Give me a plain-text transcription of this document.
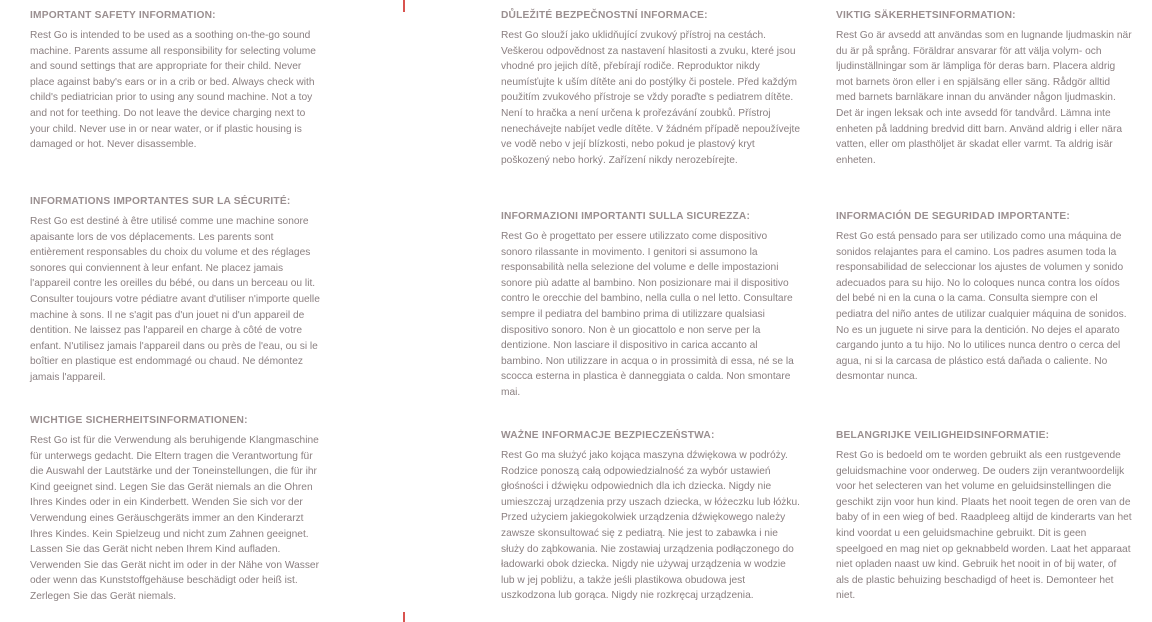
IMPORTANT SAFETY INFORMATION:

Rest Go is intended to be used as a soothing on-the-go sound machine. Parents assume all responsibility for selecting volume and sound settings that are appropriate for their child. Never place against baby's ears or in a crib or bed. Always check with child's pediatrician prior to using any sound machine. Not a toy and not for teething. Do not leave the device charging next to your child. Never use in or near water, or if plastic housing is damaged or hot. Never disassemble.

INFORMATIONS IMPORTANTES SUR LA SÉCURITÉ:

Rest Go est destiné à être utilisé comme une machine sonore apaisante lors de vos déplacements. Les parents sont entièrement responsables du choix du volume et des réglages sonores qui conviennent à leur enfant. Ne placez jamais l'appareil contre les oreilles du bébé, ou dans un berceau ou lit. Consulter toujours votre pédiatre avant d'utiliser n'importe quelle machine à sons. Il ne s'agit pas d'un jouet ni d'un appareil de dentition. Ne laissez pas l'appareil en charge à côté de votre enfant. N'utilisez jamais l'appareil dans ou près de l'eau, ou si le boîtier en plastique est endommagé ou chaud. Ne démontez jamais l'appareil.

WICHTIGE SICHERHEITSINFORMATIONEN:

Rest Go ist für die Verwendung als beruhigende Klangmaschine für unterwegs gedacht. Die Eltern tragen die Verantwortung für die Auswahl der Lautstärke und der Toneinstellungen, die für ihr Kind geeignet sind. Legen Sie das Gerät niemals an die Ohren Ihres Kindes oder in ein Kinderbett. Wenden Sie sich vor der Verwendung eines Geräuschgeräts immer an den Kinderarzt Ihres Kindes. Kein Spielzeug und nicht zum Zahnen geeignet. Lassen Sie das Gerät nicht neben Ihrem Kind aufladen. Verwenden Sie das Gerät nicht im oder in der Nähe von Wasser oder wenn das Kunststoffgehäuse beschädigt oder heiß ist. Zerlegen Sie das Gerät niemals.

DŮLEŽITÉ BEZPEČNOSTNÍ INFORMACE:

Rest Go slouží jako uklidňující zvukový přístroj na cestách. Veškerou odpovědnost za nastavení hlasitosti a zvuku, které jsou vhodné pro jejich dítě, přebírají rodiče. Reproduktor nikdy neumísťujte k uším dítěte ani do postýlky či postele. Před každým použitím zvukového přístroje se vždy poraďte s pediatrem dítěte. Není to hračka a není určena k prořezávání zoubků. Přístroj nenechávejte nabíjet vedle dítěte. V žádném případě nepoužívejte ve vodě nebo v její blízkosti, nebo pokud je plastový kryt poškozený nebo horký. Zařízení nikdy nerozebírejte.

INFORMAZIONI IMPORTANTI SULLA SICUREZZA:

Rest Go è progettato per essere utilizzato come dispositivo sonoro rilassante in movimento. I genitori si assumono la responsabilità nella selezione del volume e delle impostazioni sonore più adatte al bambino. Non posizionare mai il dispositivo contro le orecchie del bambino, nella culla o nel letto. Consultare sempre il pediatra del bambino prima di utilizzare qualsiasi dispositivo sonoro. Non è un giocattolo e non serve per la dentizione. Non lasciare il dispositivo in carica accanto al bambino. Non utilizzare in acqua o in prossimità di essa, né se la scocca esterna in plastica è danneggiata o calda. Non smontare mai.

WAŻNE INFORMACJE BEZPIECZEŃSTWA:

Rest Go ma służyć jako kojąca maszyna dźwiękowa w podróży. Rodzice ponoszą całą odpowiedzialność za wybór ustawień głośności i dźwięku odpowiednich dla ich dziecka. Nigdy nie umieszczaj urządzenia przy uszach dziecka, w łóżeczku lub łóżku. Przed użyciem jakiegokolwiek urządzenia dźwiękowego należy zawsze skonsultować się z pediatrą. Nie jest to zabawka i nie służy do ząbkowania. Nie zostawiaj urządzenia podłączonego do ładowarki obok dziecka. Nigdy nie używaj urządzenia w wodzie lub w jej pobliżu, a także jeśli plastikowa obudowa jest uszkodzona lub gorąca. Nigdy nie rozkręcaj urządzenia.

VIKTIG SÄKERHETSINFORMATION:

Rest Go är avsedd att användas som en lugnande ljudmaskin när du är på språng. Föräldrar ansvarar för att välja volym- och ljudinställningar som är lämpliga för deras barn. Placera aldrig mot barnets öron eller i en spjälsäng eller säng. Rådgör alltid med barnets barnläkare innan du använder någon ljudmaskin. Det är ingen leksak och inte avsedd för tandvård. Lämna inte enheten på laddning bredvid ditt barn. Använd aldrig i eller nära vatten, eller om plasthöljet är skadat eller varmt. Ta aldrig isär enheten.

INFORMACIÓN DE SEGURIDAD IMPORTANTE:

Rest Go está pensado para ser utilizado como una máquina de sonidos relajantes para el camino. Los padres asumen toda la responsabilidad de seleccionar los ajustes de volumen y sonido adecuados para su hijo. No lo coloques nunca contra los oídos del bebé ni en la cuna o la cama. Consulta siempre con el pediatra del niño antes de utilizar cualquier máquina de sonidos. No es un juguete ni sirve para la dentición. No dejes el aparato cargando junto a tu hijo. No lo utilices nunca dentro o cerca del agua, ni si la carcasa de plástico está dañada o caliente. No desmontar nunca.

BELANGRIJKE VEILIGHEIDSINFORMATIE:

Rest Go is bedoeld om te worden gebruikt als een rustgevende geluidsmachine voor onderweg. De ouders zijn verantwoordelijk voor het selecteren van het volume en geluidsinstellingen die geschikt zijn voor hun kind. Plaats het nooit tegen de oren van de baby of in een wieg of bed. Raadpleeg altijd de kinderarts van het kind voordat u een geluidsmachine gebruikt. Dit is geen speelgoed en mag niet op geknabbeld worden. Laat het apparaat niet opladen naast uw kind. Gebruik het nooit in of bij water, of als de plastic behuizing beschadigd of heet is. Demonteer het niet.
